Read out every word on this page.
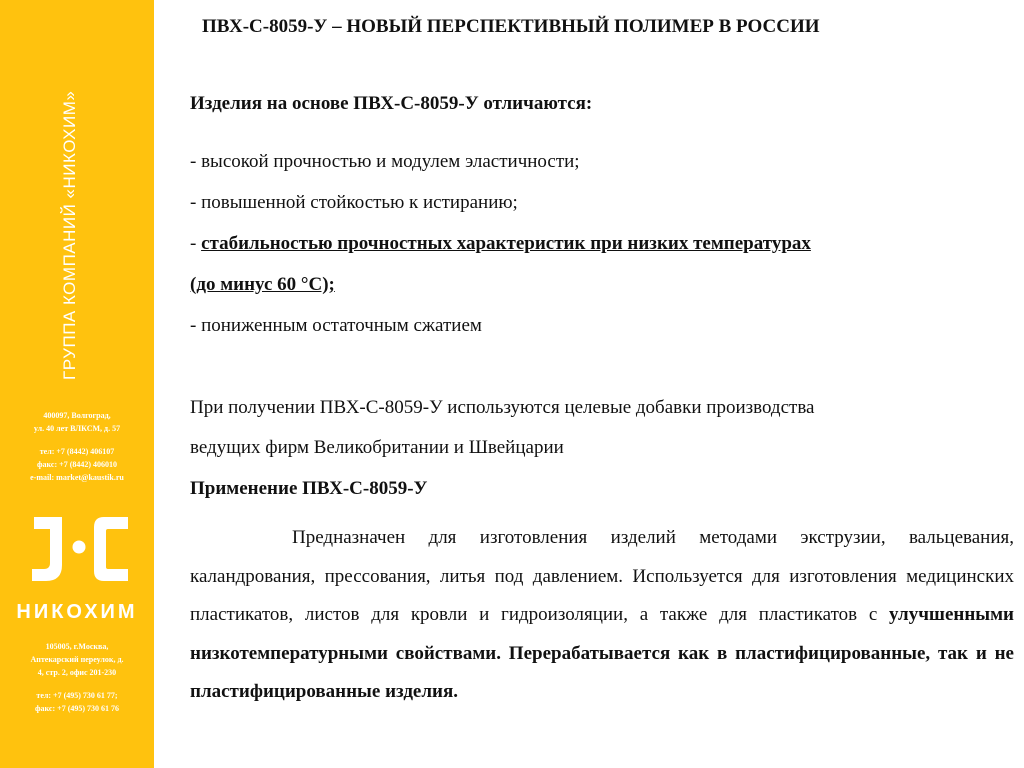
ГРУППА КОМПАНИЙ «НИКОХИМ»
400097, Волгоград,
ул. 40 лет ВЛКСМ, д. 57
тел: +7 (8442) 406107
факс: +7 (8442) 406010
e-mail: market@kaustik.ru
НИКОХИМ
105005, г.Москва,
Аптекарский переулок, д.
4, стр. 2, офис 201-230
тел: +7 (495) 730 61 77;
факс: +7 (495) 730 61 76
ПВХ-С-8059-У – НОВЫЙ ПЕРСПЕКТИВНЫЙ ПОЛИМЕР В РОССИИ
Изделия на основе ПВХ-С-8059-У отличаются:
- высокой прочностью и модулем эластичности;
- повышенной стойкостью к истиранию;
- стабильностью прочностных характеристик при низких температурах
(до минус 60 °С);
- пониженным остаточным сжатием
При получении ПВХ-С-8059-У используются целевые добавки производства
ведущих фирм Великобритании и Швейцарии
Применение ПВХ-С-8059-У
Предназначен для изготовления изделий методами экструзии, вальцевания, каландрования, прессования, литья под давлением. Используется для изготовления медицинских пластикатов, листов для кровли и гидроизоляции, а также для пластикатов с улучшенными низкотемпературными свойствами. Перерабатывается как в пластифицированные, так и не пластифицированные изделия.
